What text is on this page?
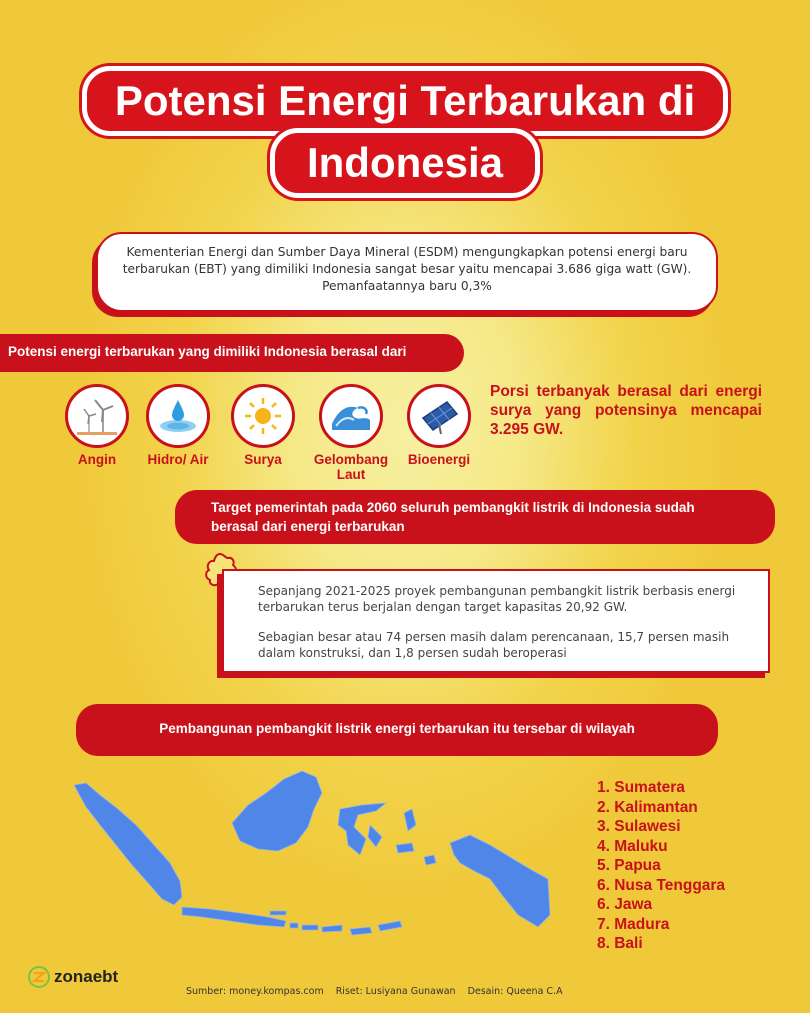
Potensi Energi Terbarukan di
Indonesia
Kementerian Energi dan Sumber Daya Mineral (ESDM) mengungkapkan potensi energi baru terbarukan (EBT) yang dimiliki Indonesia sangat besar yaitu mencapai 3.686 giga watt (GW). Pemanfaatannya baru 0,3%
Potensi energi terbarukan yang dimiliki Indonesia berasal dari
Angin	Hidro/ Air	Surya	Gelombang Laut
Bioenergi
Porsi terbanyak berasal dari energi surya yang potensinya mencapai 3.295 GW.
Target pemerintah pada 2060 seluruh pembangkit listrik di Indonesia sudah berasal dari energi terbarukan

Sepanjang 2021-2025 proyek pembangunan pembangkit listrik berbasis energi terbarukan terus berjalan dengan target kapasitas 20,92 GW.

Sebagian besar atau 74 persen masih dalam perencanaan, 15,7 persen masih dalam konstruksi, dan 1,8 persen sudah beroperasi

Pembangunan pembangkit listrik energi terbarukan itu tersebar di wilayah
1. Sumatera
2. Kalimantan
3. Sulawesi
4. Maluku
5. Papua
6. Nusa Tenggara
6. Jawa
7. Madura
8. Bali
zonaebt
Sumber: money.kompas.com Riset: Lusiyana Gunawan Desain: Queena C.A
